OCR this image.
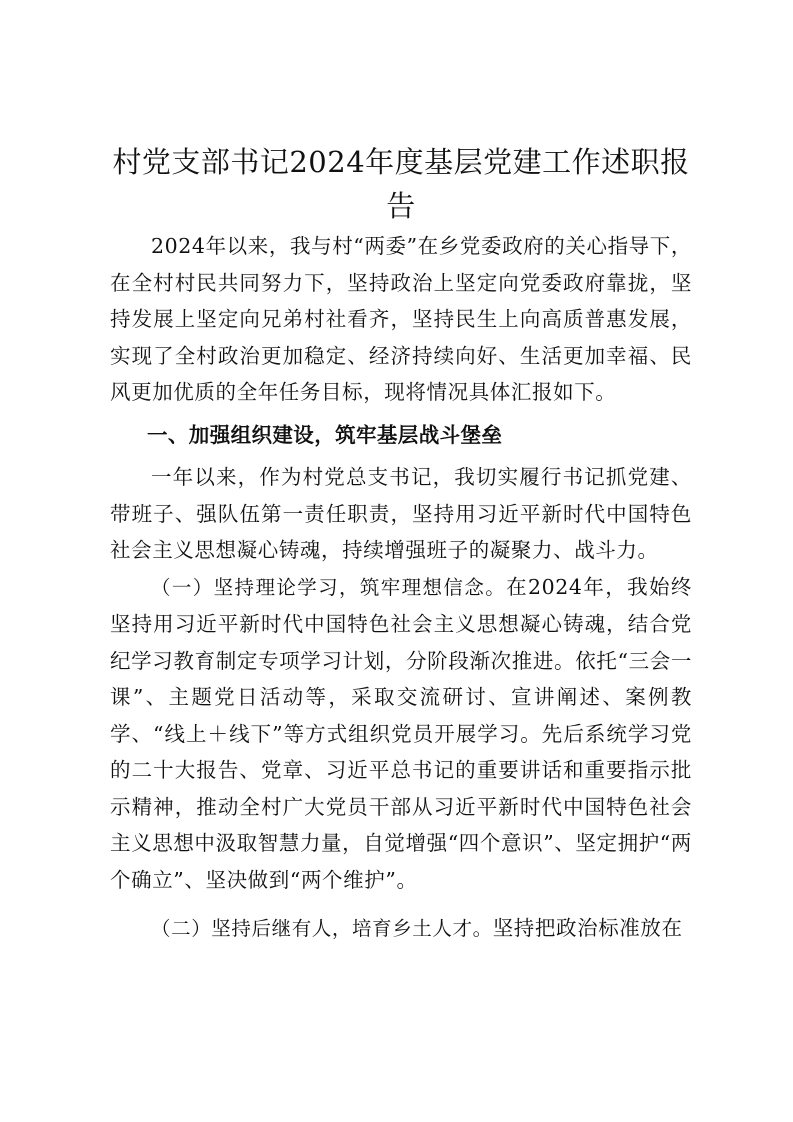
村党支部书记2024年度基层党建工作述职报告

2024年以来，我与村“两委”在乡党委政府的关心指导下，在全村村民共同努力下，坚持政治上坚定向党委政府靠拢，坚持发展上坚定向兄弟村社看齐，坚持民生上向高质普惠发展，实现了全村政治更加稳定、经济持续向好、生活更加幸福、民风更加优质的全年任务目标，现将情况具体汇报如下。

一、加强组织建设，筑牢基层战斗堡垒

一年以来，作为村党总支书记，我切实履行书记抓党建、带班子、强队伍第一责任职责，坚持用习近平新时代中国特色社会主义思想凝心铸魂，持续增强班子的凝聚力、战斗力。

（一）坚持理论学习，筑牢理想信念。在2024年，我始终坚持用习近平新时代中国特色社会主义思想凝心铸魂，结合党纪学习教育制定专项学习计划，分阶段渐次推进。依托“三会一课”、主题党日活动等，采取交流研讨、宣讲阐述、案例教学、“线上＋线下”等方式组织党员开展学习。先后系统学习党的二十大报告、党章、习近平总书记的重要讲话和重要指示批示精神，推动全村广大党员干部从习近平新时代中国特色社会主义思想中汲取智慧力量，自觉增强“四个意识”、坚定拥护“两个确立”、坚决做到“两个维护”。

（二）坚持后继有人，培育乡土人才。坚持把政治标准放在
